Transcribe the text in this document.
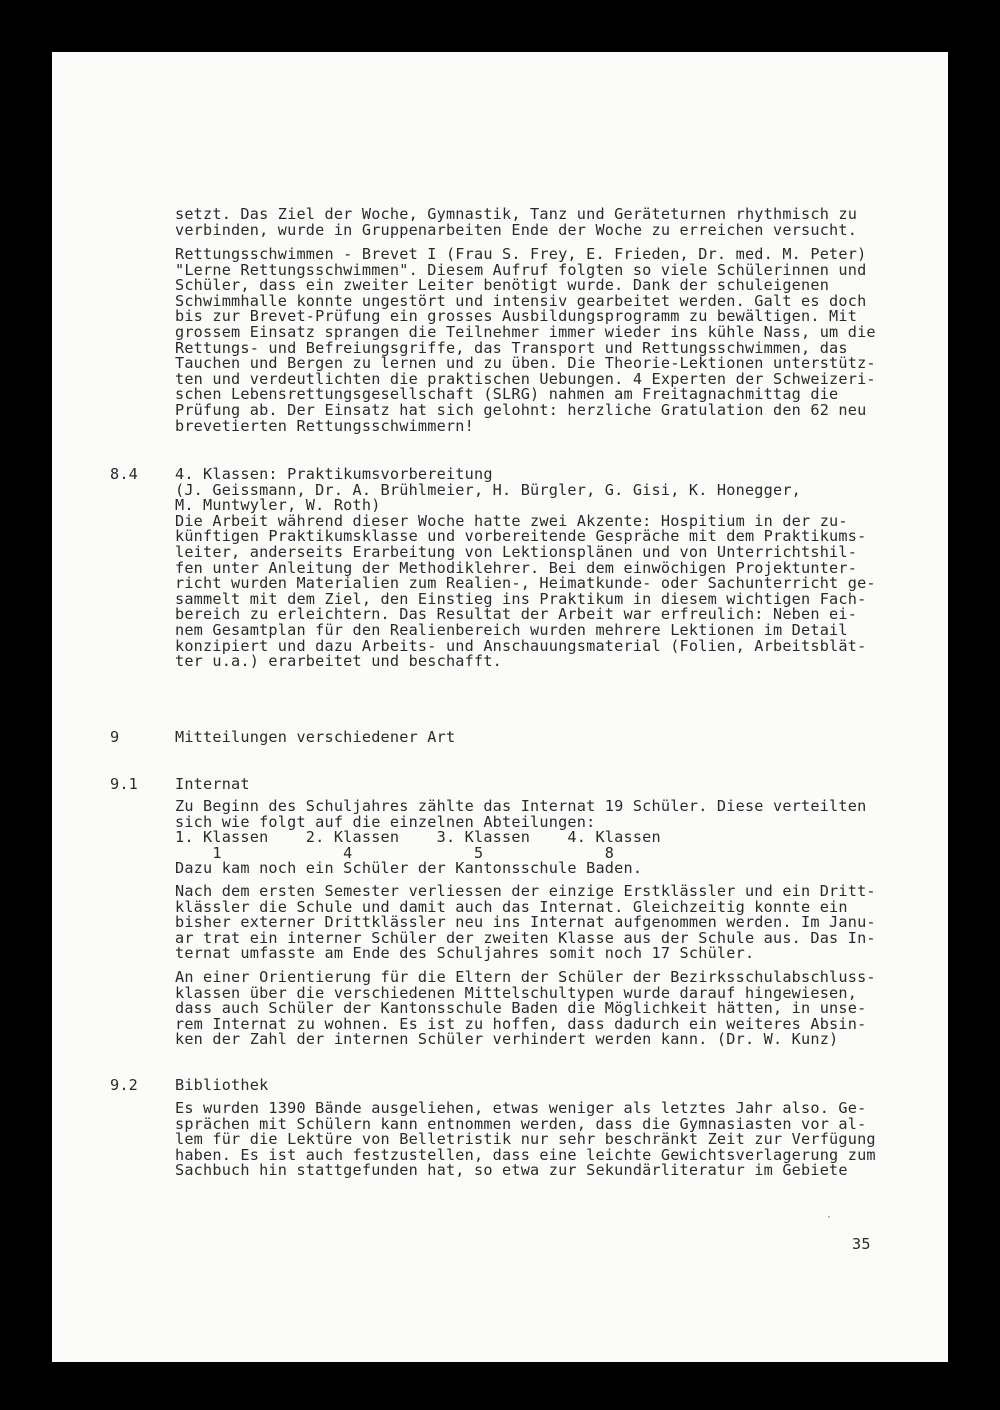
setzt. Das Ziel der Woche, Gymnastik, Tanz und Geräteturnen rhythmisch zu
verbinden, wurde in Gruppenarbeiten Ende der Woche zu erreichen versucht.
Rettungsschwimmen - Brevet I (Frau S. Frey, E. Frieden, Dr. med. M. Peter)
"Lerne Rettungsschwimmen". Diesem Aufruf folgten so viele Schülerinnen und
Schüler, dass ein zweiter Leiter benötigt wurde. Dank der schuleigenen
Schwimmhalle konnte ungestört und intensiv gearbeitet werden. Galt es doch
bis zur Brevet-Prüfung ein grosses Ausbildungsprogramm zu bewältigen. Mit
grossem Einsatz sprangen die Teilnehmer immer wieder ins kühle Nass, um die
Rettungs- und Befreiungsgriffe, das Transport und Rettungsschwimmen, das
Tauchen und Bergen zu lernen und zu üben. Die Theorie-Lektionen unterstütz-
ten und verdeutlichten die praktischen Uebungen. 4 Experten der Schweizeri-
schen Lebensrettungsgesellschaft (SLRG) nahmen am Freitagnachmittag die
Prüfung ab. Der Einsatz hat sich gelohnt: herzliche Gratulation den 62 neu
brevetierten Rettungsschwimmern!
8.4 4. Klassen: Praktikumsvorbereitung
(J. Geissmann, Dr. A. Brühlmeier, H. Bürgler, G. Gisi, K. Honegger,
M. Muntwyler, W. Roth)
Die Arbeit während dieser Woche hatte zwei Akzente: Hospitium in der zu-
künftigen Praktikumsklasse und vorbereitende Gespräche mit dem Praktikums-
leiter, anderseits Erarbeitung von Lektionsplänen und von Unterrichtshil-
fen unter Anleitung der Methodiklehrer. Bei dem einwöchigen Projektunter-
richt wurden Materialien zum Realien-, Heimatkunde- oder Sachunterricht ge-
sammelt mit dem Ziel, den Einstieg ins Praktikum in diesem wichtigen Fach-
bereich zu erleichtern. Das Resultat der Arbeit war erfreulich: Neben ei-
nem Gesamtplan für den Realienbereich wurden mehrere Lektionen im Detail
konzipiert und dazu Arbeits- und Anschauungsmaterial (Folien, Arbeitsblät-
ter u.a.) erarbeitet und beschafft.
9	Mitteilungen verschiedener Art
9.1 Internat
Zu Beginn des Schuljahres zählte das Internat 19 Schüler. Diese verteilten
sich wie folgt auf die einzelnen Abteilungen:
1. Klassen    2. Klassen    3. Klassen    4. Klassen
1             4             5             8
Dazu kam noch ein Schüler der Kantonsschule Baden.
Nach dem ersten Semester verliessen der einzige Erstklässler und ein Dritt-
klässler die Schule und damit auch das Internat. Gleichzeitig konnte ein
bisher externer Drittklässler neu ins Internat aufgenommen werden. Im Janu-
ar trat ein interner Schüler der zweiten Klasse aus der Schule aus. Das In-
ternat umfasste am Ende des Schuljahres somit noch 17 Schüler.
An einer Orientierung für die Eltern der Schüler der Bezirksschulabschluss-
klassen über die verschiedenen Mittelschultypen wurde darauf hingewiesen,
dass auch Schüler der Kantonsschule Baden die Möglichkeit hätten, in unse-
rem Internat zu wohnen. Es ist zu hoffen, dass dadurch ein weiteres Absin-
ken der Zahl der internen Schüler verhindert werden kann. (Dr. W. Kunz)
9.2 Bibliothek
Es wurden 1390 Bände ausgeliehen, etwas weniger als letztes Jahr also. Ge-
sprächen mit Schülern kann entnommen werden, dass die Gymnasiasten vor al-
lem für die Lektüre von Belletristik nur sehr beschränkt Zeit zur Verfügung
haben. Es ist auch festzustellen, dass eine leichte Gewichtsverlagerung zum
Sachbuch hin stattgefunden hat, so etwa zur Sekundärliteratur im Gebiete
35
·
